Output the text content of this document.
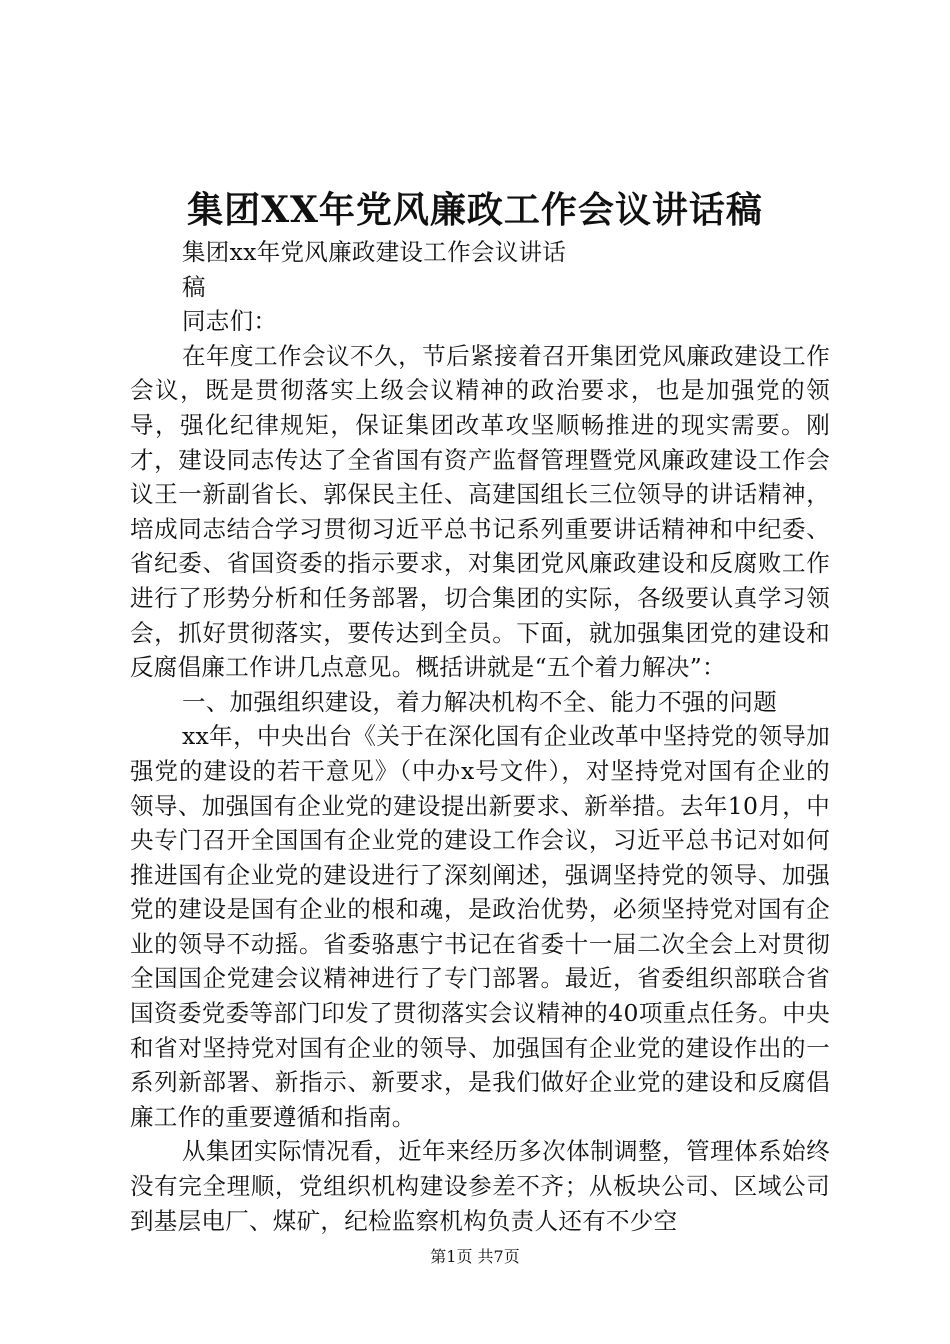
集团XX年党风廉政工作会议讲话稿

集团xx年党风廉政建设工作会议讲话

稿

同志们：

在年度工作会议不久，节后紧接着召开集团党风廉政建设工作会议，既是贯彻落实上级会议精神的政治要求，也是加强党的领导，强化纪律规矩，保证集团改革攻坚顺畅推进的现实需要。刚才，建设同志传达了全省国有资产监督管理暨党风廉政建设工作会议王一新副省长、郭保民主任、高建国组长三位领导的讲话精神，培成同志结合学习贯彻习近平总书记系列重要讲话精神和中纪委、省纪委、省国资委的指示要求，对集团党风廉政建设和反腐败工作进行了形势分析和任务部署，切合集团的实际，各级要认真学习领会，抓好贯彻落实，要传达到全员。下面，就加强集团党的建设和反腐倡廉工作讲几点意见。概括讲就是“五个着力解决”：

一、加强组织建设，着力解决机构不全、能力不强的问题

xx年，中央出台《关于在深化国有企业改革中坚持党的领导加强党的建设的若干意见》（中办x号文件），对坚持党对国有企业的领导、加强国有企业党的建设提出新要求、新举措。去年10月，中央专门召开全国国有企业党的建设工作会议，习近平总书记对如何推进国有企业党的建设进行了深刻阐述，强调坚持党的领导、加强党的建设是国有企业的根和魂，是政治优势，必须坚持党对国有企业的领导不动摇。省委骆惠宁书记在省委十一届二次全会上对贯彻全国国企党建会议精神进行了专门部署。最近，省委组织部联合省国资委党委等部门印发了贯彻落实会议精神的40项重点任务。中央和省对坚持党对国有企业的领导、加强国有企业党的建设作出的一系列新部署、新指示、新要求，是我们做好企业党的建设和反腐倡廉工作的重要遵循和指南。

从集团实际情况看，近年来经历多次体制调整，管理体系始终没有完全理顺，党组织机构建设参差不齐；从板块公司、区域公司到基层电厂、煤矿，纪检监察机构负责人还有不少空

第1页 共7页
